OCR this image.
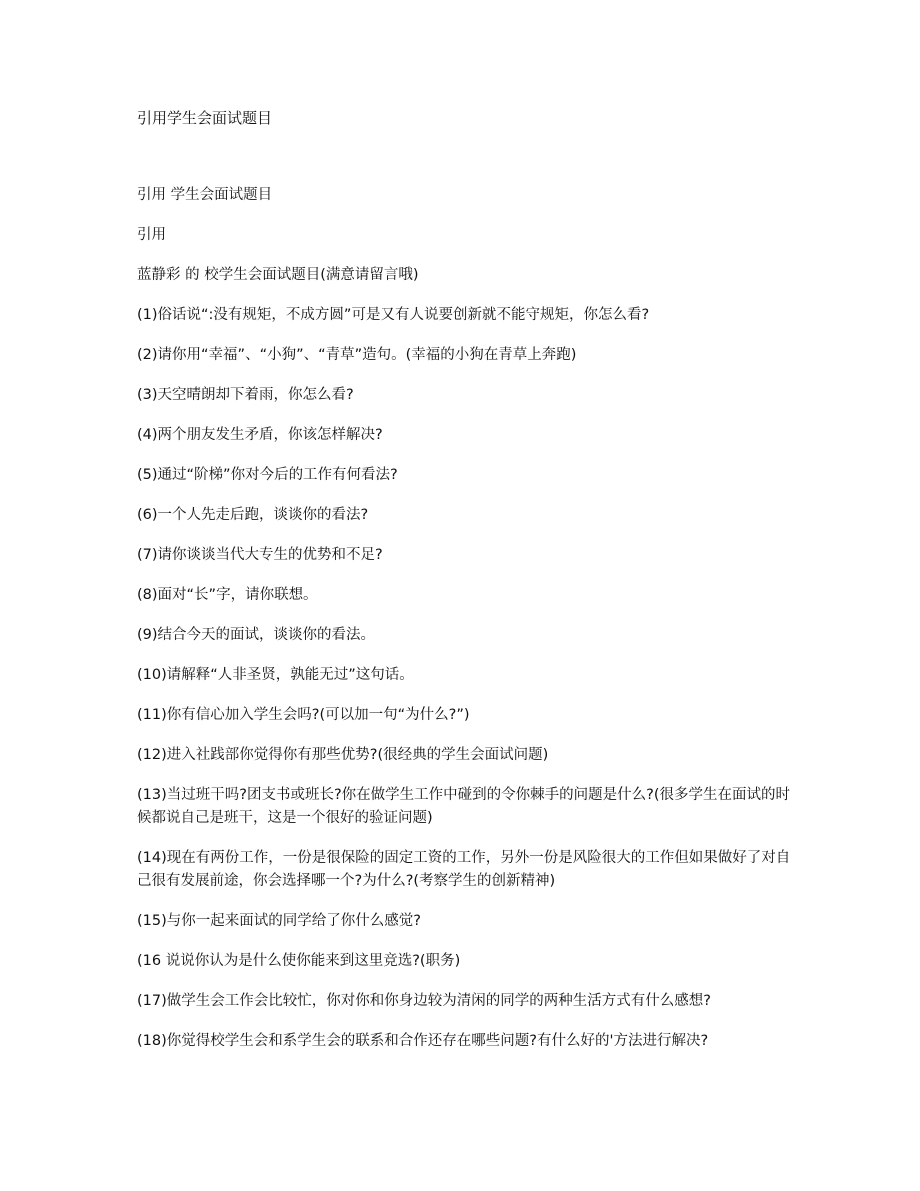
引用学生会面试题目

引用 学生会面试题目

引用

蓝静彩 的 校学生会面试题目(满意请留言哦)

(1)俗话说“:没有规矩，不成方圆”可是又有人说要创新就不能守规矩，你怎么看?

(2)请你用“幸福”、“小狗”、“青草”造句。(幸福的小狗在青草上奔跑)

(3)天空晴朗却下着雨，你怎么看?

(4)两个朋友发生矛盾，你该怎样解决?

(5)通过“阶梯”你对今后的工作有何看法?

(6)一个人先走后跑，谈谈你的看法?

(7)请你谈谈当代大专生的优势和不足?

(8)面对“长”字，请你联想。

(9)结合今天的面试，谈谈你的看法。

(10)请解释“人非圣贤，孰能无过”这句话。

(11)你有信心加入学生会吗?(可以加一句“为什么?”)

(12)进入社践部你觉得你有那些优势?(很经典的学生会面试问题)

(13)当过班干吗?团支书或班长?你在做学生工作中碰到的令你棘手的问题是什么?(很多学生在面试的时候都说自己是班干，这是一个很好的验证问题)

(14)现在有两份工作，一份是很保险的固定工资的工作，另外一份是风险很大的工作但如果做好了对自己很有发展前途，你会选择哪一个?为什么?(考察学生的创新精神)

(15)与你一起来面试的同学给了你什么感觉?

(16 说说你认为是什么使你能来到这里竞选?(职务)

(17)做学生会工作会比较忙，你对你和你身边较为清闲的同学的两种生活方式有什么感想?

(18)你觉得校学生会和系学生会的联系和合作还存在哪些问题?有什么好的'方法进行解决?
